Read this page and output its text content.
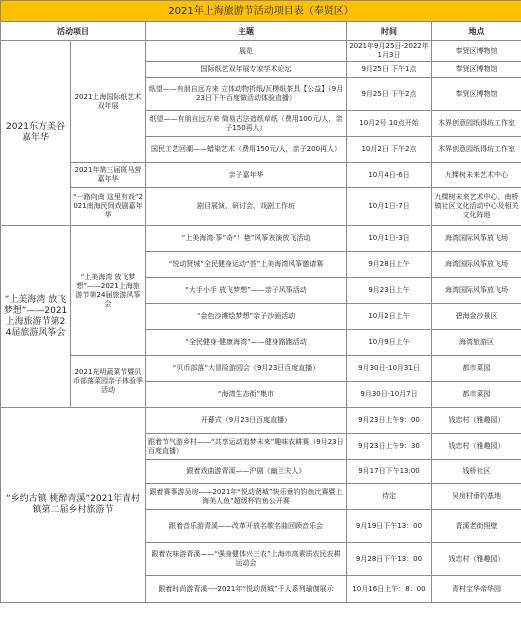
2021年上海旅游节活动项目表（奉贤区）				
活动项目		主题	时间	地点
2021东方美谷嘉年华	2021上海国际纸艺术双年展	展览	2021年9月25日-2022年1月3日	奉贤区博物馆
		国际纸艺双年展专家学术论坛	9月25日 下午1点	奉贤区博物馆
		纸望——有朋自远方来 立体动物折纸/瓦楞纸茶具【公益】（9月23日下午百度做活动体验直播）	9月25日 下午2点	奉贤区博物馆
		纸望——有朋自远方来 简易古法造纸草纸（费用100元/人，亲子150再人）	10月2号 10点开始	木界创意园纸得坊工作室
		国民工艺回潮——蜡染艺术（费用150元/人，亲子200再人）	10月2日 下午2点	木界创意园纸得坊工作室
	2021年第三届斑马营嘉年华	亲子嘉年华	10月4日-6日	九棵树未来艺术中心
	“一路向南 这里有戏”2021南海民间戏剧嘉年华	剧目展演、研讨会、戏剧工作坊	10月1日-7日	九棵树未来艺术中心、南桥镇社区文化活动中心及相关文化阵地
“上美海湾 放飞梦想”——2021上海旅游节第24届旅游风筝会	“上美海湾 放飞梦想”——2021上海旅游节第24届旅游风筝会	“上美海湾·筝”奇“！艳”风筝表演放飞活动	10月1日-3日	海湾国际风筝放飞场
		“悦动贤城”全民健身运动“荟”上美海湾风筝邀请赛	9月28日上午	海湾国际风筝放飞场
		“大手小手 放飞梦想”——亲子风筝活动	9月23日上午	海湾国际风筝放飞场
		“金色沙滩绘梦想”亲子沙画活动	10月2日上午	碧海金沙景区
		“全民健身·健康海湾”——健身路跑活动	10月9日上午	海湾旅游区
	2021光明蔬菜节暨贝币部落菜园亲子体验季活动	“贝币部落”大冒险游园会（9月23日百度直播）	9月30日-10月31日	都市菜园
		“海湾生态街”集市	9月30日-10月7日	都市菜园
“乡约古镇 桃醉青溪”2021年青村镇第二届乡村旅游节		开幕式（9月23日百度直播）	9月23日上午9：00	钱忠村（雅趣园）
		跟着节气游乡村——“共享运动追梦未来”趣味农耕赛（9月23日百度直播）	9月23日上午9：30	钱忠村（雅趣园）
		跟着戏曲游青溪——沪剧《幽兰夫人》	9月17日下午13:00	钱桥社区
		跟着赛事游吴房——2021年“悦动贤城”快乐垂钓钓鱼比赛暨上海美人鱼“超级杯钓鱼公开赛	待定	吴房村垂钓基地
		跟着音乐游青溪——改革开放名歌名曲回顾音乐会	9月19日下午13：00	青溪老街照壁
		跟着农味游青溪——“强身健体兴三农”上海市高素质农民农耕运动会	9月28日下午13：00	钱忠村（雅趣园）
		跟着时尚游青溪----2021年“悦动贤城”千人系列瑜伽展示	10月16日上午：8：00	青村宝华帝华园
